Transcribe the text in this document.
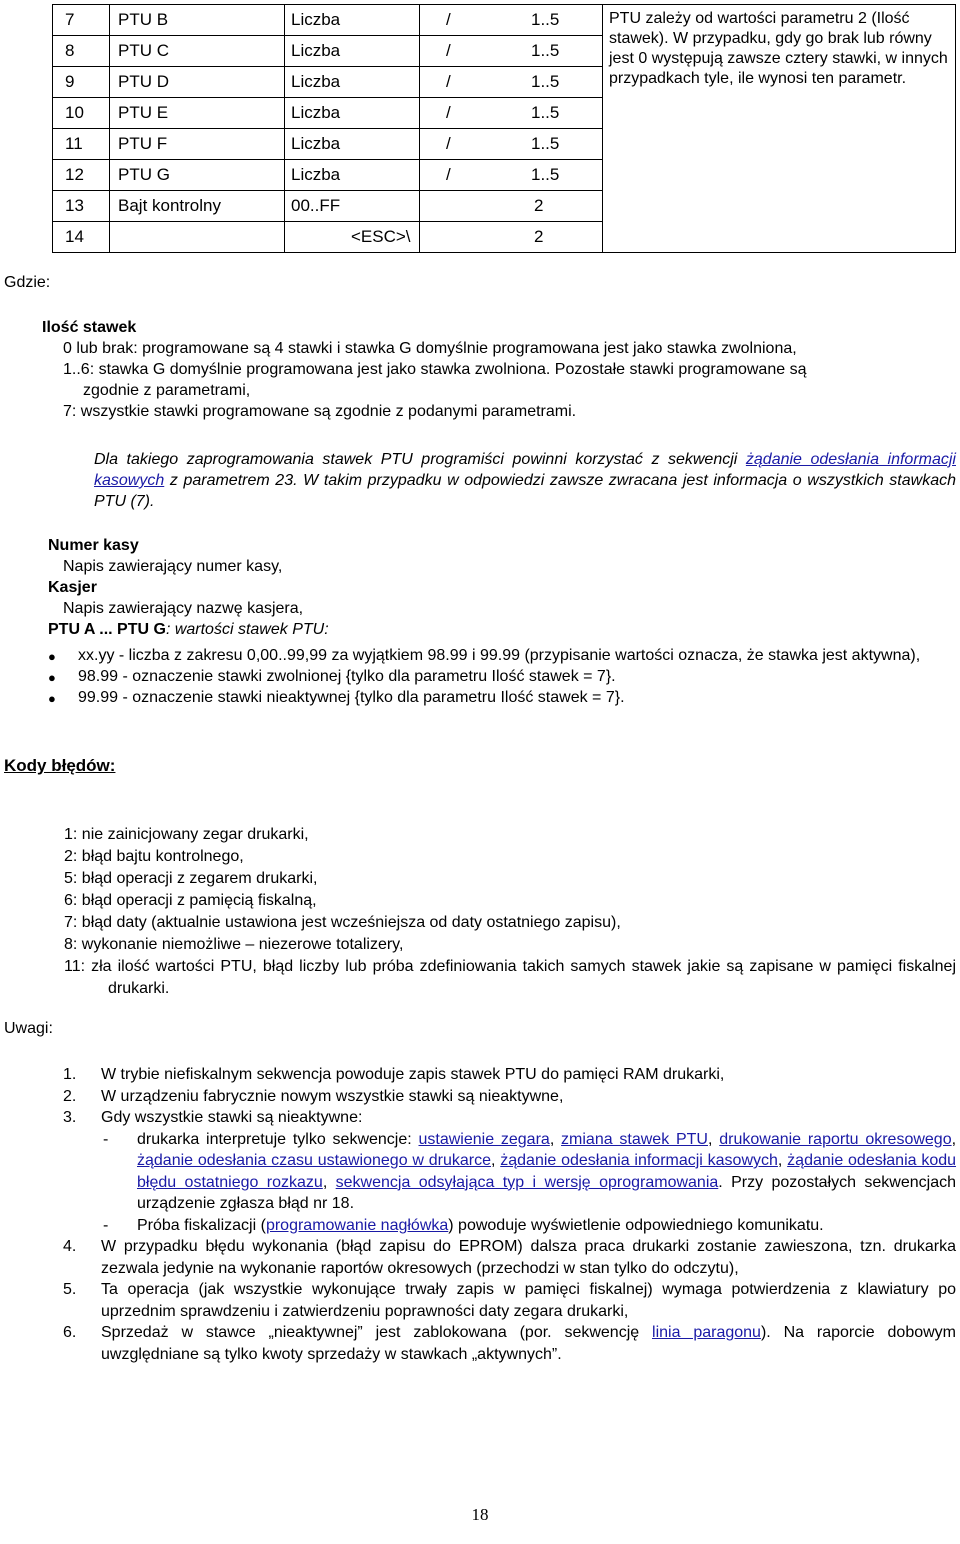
7	PTU B	Liczba	/ 1..5	PTU zależy od wartości parametru 2 (Ilość stawek). W przypadku, gdy go brak lub równy jest 0 występują zawsze cztery stawki, w innych przypadkach tyle, ile wynosi ten parametr.
8	PTU C	Liczba	/ 1..5	

9	PTU D	Liczba	/ 1..5	

10	PTU E	Liczba	/ 1..5	

11	PTU F	Liczba	/ 1..5	

12	PTU G	Liczba	/ 1..5	

13	Bajt kontrolny	00..FF	2	

14		<ESC>\	2	
Gdzie:
Ilość stawek
0 lub brak: programowane są 4 stawki i stawka G domyślnie programowana jest jako stawka zwolniona,
1..6: stawka G domyślnie programowana jest jako stawka zwolniona. Pozostałe stawki programowane są
zgodnie z parametrami,
7: wszystkie stawki programowane są zgodnie z podanymi parametrami.
Dla takiego zaprogramowania stawek PTU programiści powinni korzystać z sekwencji żądanie odesłania informacji kasowych z parametrem 23. W takim przypadku w odpowiedzi zawsze zwracana jest informacja o wszystkich stawkach PTU (7).
Numer kasy
Napis zawierający numer kasy,
Kasjer
Napis zawierający nazwę kasjera,
PTU A ... PTU G: wartości stawek PTU:
● xx.yy - liczba z zakresu 0,00..99,99 za wyjątkiem 98.99 i 99.99 (przypisanie wartości oznacza, że stawka jest aktywna),
● 98.99 - oznaczenie stawki zwolnionej {tylko dla parametru Ilość stawek = 7}.
● 99.99 - oznaczenie stawki nieaktywnej {tylko dla parametru Ilość stawek = 7}.
Kody błędów:
1: nie zainicjowany zegar drukarki,
2: błąd bajtu kontrolnego,
5: błąd operacji z zegarem drukarki,
6: błąd operacji z pamięcią fiskalną,
7: błąd daty (aktualnie ustawiona jest wcześniejsza od daty ostatniego zapisu),
8: wykonanie niemożliwe – niezerowe totalizery,
11: zła ilość wartości PTU, błąd liczby lub próba zdefiniowania takich samych stawek jakie są zapisane w pamięci fiskalnej drukarki.
Uwagi:
1. W trybie niefiskalnym sekwencja powoduje zapis stawek PTU do pamięci RAM drukarki,
2. W urządzeniu fabrycznie nowym wszystkie stawki są nieaktywne,
3. Gdy wszystkie stawki są nieaktywne:
- drukarka interpretuje tylko sekwencje: ustawienie zegara, zmiana stawek PTU, drukowanie raportu okresowego, żądanie odesłania czasu ustawionego w drukarce, żądanie odesłania informacji kasowych, żądanie odesłania kodu błędu ostatniego rozkazu, sekwencja odsyłająca typ i wersję oprogramowania. Przy pozostałych sekwencjach urządzenie zgłasza błąd nr 18.
- Próba fiskalizacji (programowanie nagłówka) powoduje wyświetlenie odpowiedniego komunikatu.
4. W przypadku błędu wykonania (błąd zapisu do EPROM) dalsza praca drukarki zostanie zawieszona, tzn. drukarka zezwala jedynie na wykonanie raportów okresowych (przechodzi w stan tylko do odczytu),
5. Ta operacja (jak wszystkie wykonujące trwały zapis w pamięci fiskalnej) wymaga potwierdzenia z klawiatury po uprzednim sprawdzeniu i zatwierdzeniu poprawności daty zegara drukarki,
6. Sprzedaż w stawce „nieaktywnej” jest zablokowana (por. sekwencję linia paragonu). Na raporcie dobowym uwzględniane są tylko kwoty sprzedaży w stawkach „aktywnych”.
18
